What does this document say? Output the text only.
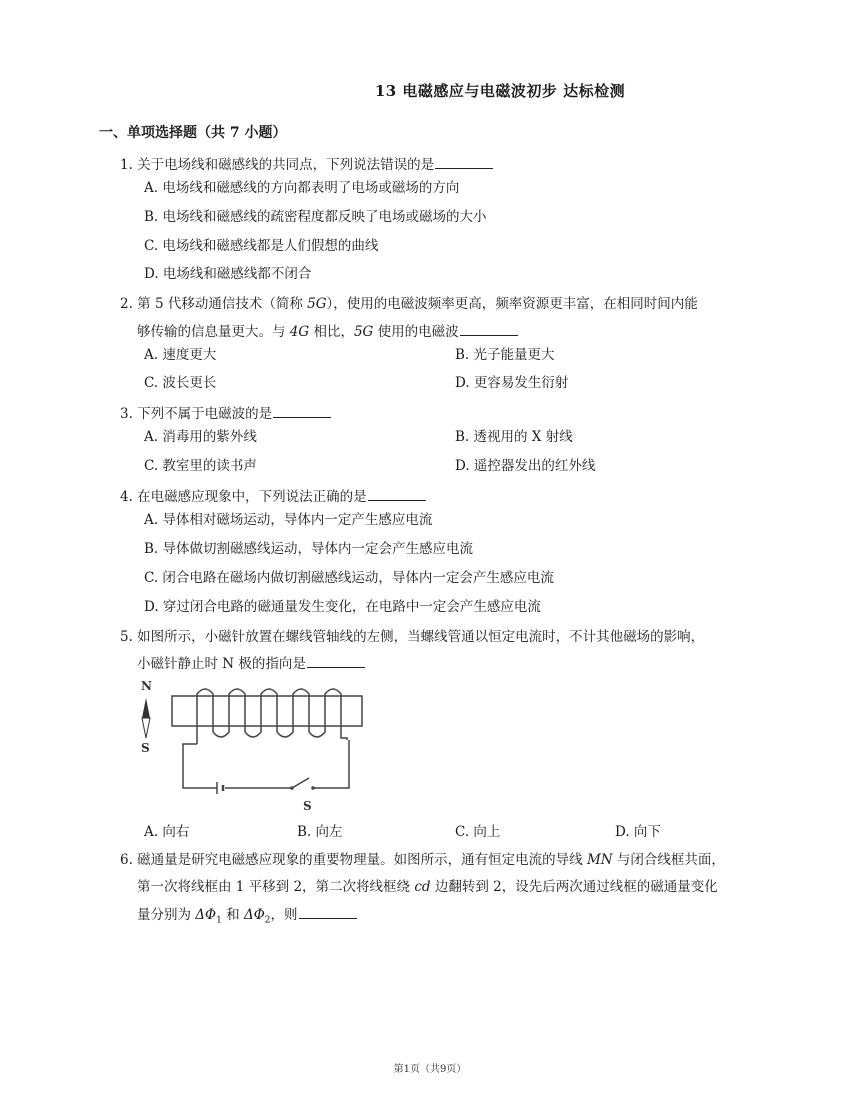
13 电磁感应与电磁波初步 达标检测
一、单项选择题（共 7 小题）
1. 关于电场线和磁感线的共同点，下列说法错误的是
A. 电场线和磁感线的方向都表明了电场或磁场的方向
B. 电场线和磁感线的疏密程度都反映了电场或磁场的大小
C. 电场线和磁感线都是人们假想的曲线
D. 电场线和磁感线都不闭合
2. 第 5 代移动通信技术（简称 5G），使用的电磁波频率更高，频率资源更丰富，在相同时间内能
够传输的信息量更大。与 4G 相比，5G 使用的电磁波
A. 速度更大	B. 光子能量更大
C. 波长更长	D. 更容易发生衍射
3. 下列不属于电磁波的是
A. 消毒用的紫外线	B. 透视用的 X 射线
C. 教室里的读书声	D. 遥控器发出的红外线
4. 在电磁感应现象中，下列说法正确的是
A. 导体相对磁场运动，导体内一定产生感应电流
B. 导体做切割磁感线运动，导体内一定会产生感应电流
C. 闭合电路在磁场内做切割磁感线运动，导体内一定会产生感应电流
D. 穿过闭合电路的磁通量发生变化，在电路中一定会产生感应电流
5. 如图所示，小磁针放置在螺线管轴线的左侧，当螺线管通以恒定电流时，不计其他磁场的影响，
小磁针静止时 N 极的指向是
N
S
S
A. 向右	B. 向左	C. 向上	D. 向下
6. 磁通量是研究电磁感应现象的重要物理量。如图所示，通有恒定电流的导线 MN 与闭合线框共面，
第一次将线框由 1 平移到 2，第二次将线框绕 cd 边翻转到 2，设先后两次通过线框的磁通量变化
量分别为 $\Delta\Phi_1$ 和 $\Delta\Phi_2$，则
第1页（共9页）
